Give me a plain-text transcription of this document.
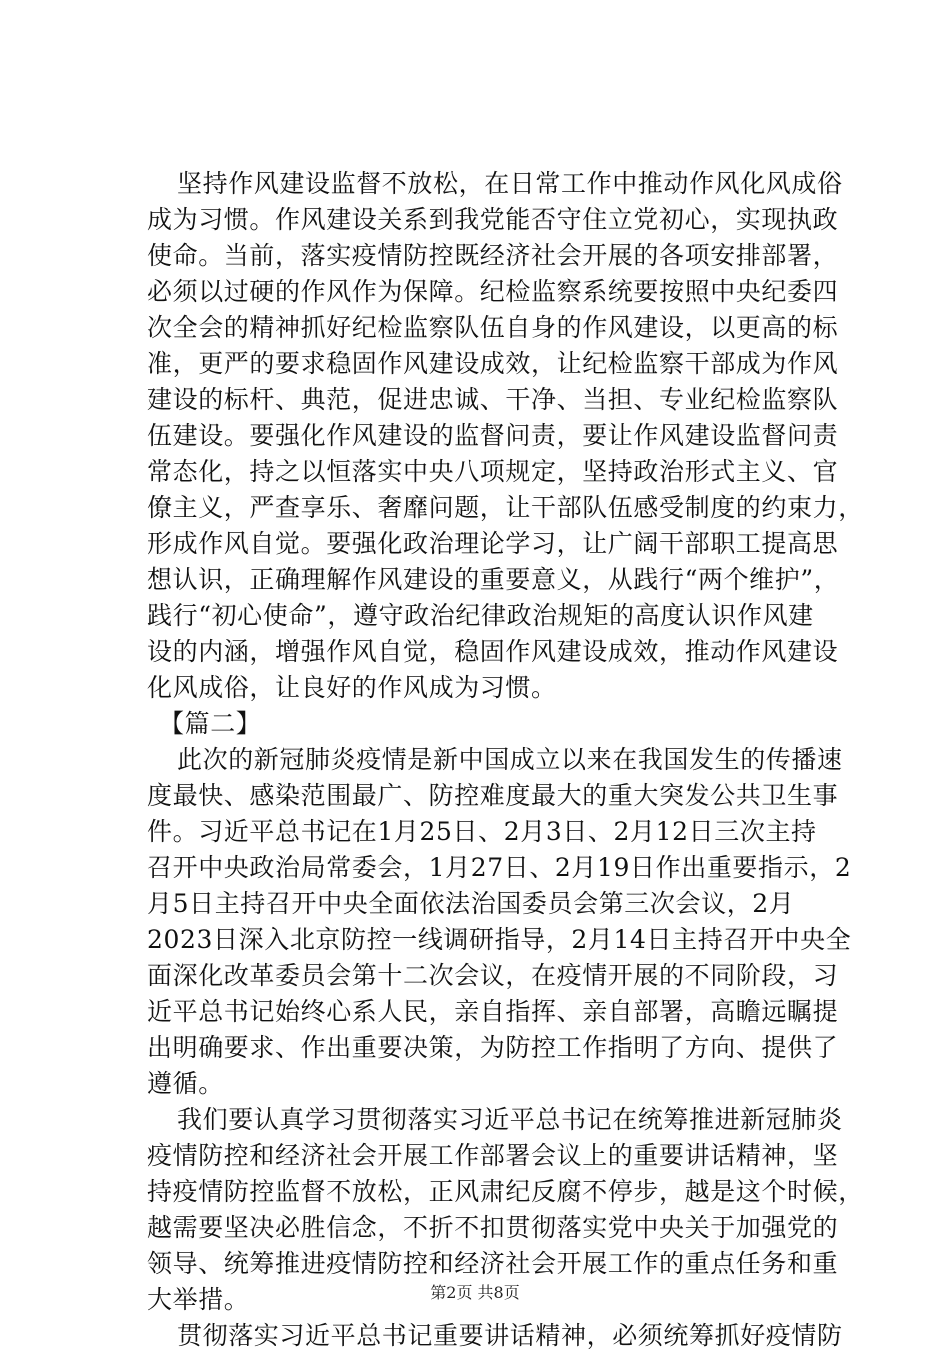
坚持作风建设监督不放松，在日常工作中推动作风化风成俗
成为习惯。作风建设关系到我党能否守住立党初心，实现执政
使命。当前，落实疫情防控既经济社会开展的各项安排部署，
必须以过硬的作风作为保障。纪检监察系统要按照中央纪委四
次全会的精神抓好纪检监察队伍自身的作风建设，以更高的标
准，更严的要求稳固作风建设成效，让纪检监察干部成为作风
建设的标杆、典范，促进忠诚、干净、当担、专业纪检监察队
伍建设。要强化作风建设的监督问责，要让作风建设监督问责
常态化，持之以恒落实中央八项规定，坚持政治形式主义、官
僚主义，严查享乐、奢靡问题，让干部队伍感受制度的约束力，
形成作风自觉。要强化政治理论学习，让广阔干部职工提高思
想认识，正确理解作风建设的重要意义，从践行“两个维护”，
践行“初心使命”，遵守政治纪律政治规矩的高度认识作风建
设的内涵，增强作风自觉，稳固作风建设成效，推动作风建设
化风成俗，让良好的作风成为习惯。
【篇二】
此次的新冠肺炎疫情是新中国成立以来在我国发生的传播速
度最快、感染范围最广、防控难度最大的重大突发公共卫生事
件。习近平总书记在1月25日、2月3日、2月12日三次主持
召开中央政治局常委会，1月27日、2月19日作出重要指示，2
月5日主持召开中央全面依法治国委员会第三次会议，2月
2023日深入北京防控一线调研指导，2月14日主持召开中央全
面深化改革委员会第十二次会议，在疫情开展的不同阶段，习
近平总书记始终心系人民，亲自指挥、亲自部署，高瞻远瞩提
出明确要求、作出重要决策，为防控工作指明了方向、提供了
遵循。
我们要认真学习贯彻落实习近平总书记在统筹推进新冠肺炎
疫情防控和经济社会开展工作部署会议上的重要讲话精神，坚
持疫情防控监督不放松，正风肃纪反腐不停步，越是这个时候，
越需要坚决必胜信念，不折不扣贯彻落实党中央关于加强党的
领导、统筹推进疫情防控和经济社会开展工作的重点任务和重
大举措。
贯彻落实习近平总书记重要讲话精神，必须统筹抓好疫情防
第2页 共8页
